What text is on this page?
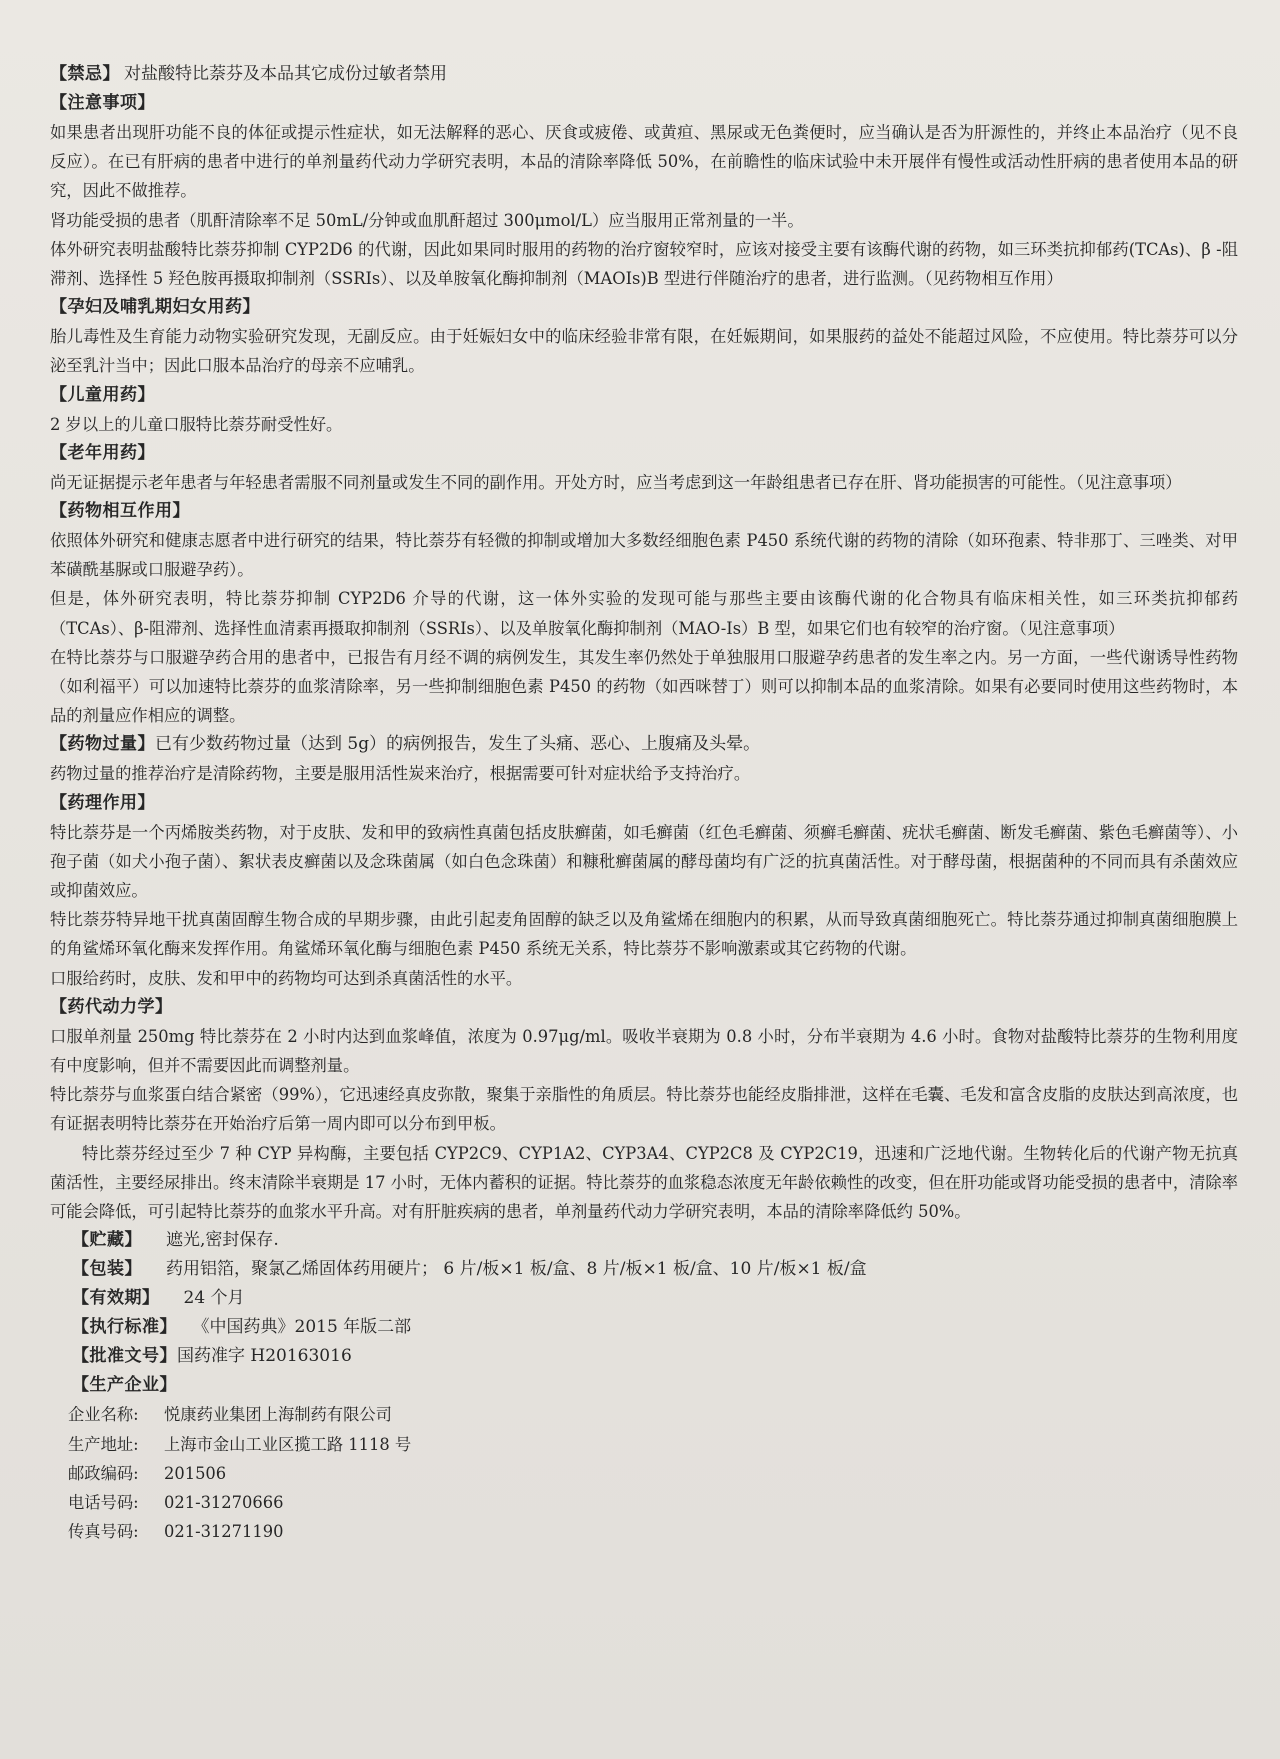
【禁忌】 对盐酸特比萘芬及本品其它成份过敏者禁用
【注意事项】

如果患者出现肝功能不良的体征或提示性症状，如无法解释的恶心、厌食或疲倦、或黄疸、黑尿或无色粪便时，应当确认是否为肝源性的，并终止本品治疗（见不良反应）。在已有肝病的患者中进行的单剂量药代动力学研究表明，本品的清除率降低 50%，在前瞻性的临床试验中未开展伴有慢性或活动性肝病的患者使用本品的研究，因此不做推荐。

肾功能受损的患者（肌酐清除率不足 50mL/分钟或血肌酐超过 300μmol/L）应当服用正常剂量的一半。

体外研究表明盐酸特比萘芬抑制 CYP2D6 的代谢，因此如果同时服用的药物的治疗窗较窄时，应该对接受主要有该酶代谢的药物，如三环类抗抑郁药(TCAs)、β -阻滞剂、选择性 5 羟色胺再摄取抑制剂（SSRIs）、以及单胺氧化酶抑制剂（MAOIs)B 型进行伴随治疗的患者，进行监测。（见药物相互作用）

【孕妇及哺乳期妇女用药】

胎儿毒性及生育能力动物实验研究发现，无副反应。由于妊娠妇女中的临床经验非常有限，在妊娠期间，如果服药的益处不能超过风险，不应使用。特比萘芬可以分泌至乳汁当中；因此口服本品治疗的母亲不应哺乳。

【儿童用药】

2 岁以上的儿童口服特比萘芬耐受性好。

【老年用药】

尚无证据提示老年患者与年轻患者需服不同剂量或发生不同的副作用。开处方时，应当考虑到这一年龄组患者已存在肝、肾功能损害的可能性。（见注意事项）

【药物相互作用】

依照体外研究和健康志愿者中进行研究的结果，特比萘芬有轻微的抑制或增加大多数经细胞色素 P450 系统代谢的药物的清除（如环孢素、特非那丁、三唑类、对甲苯磺酰基脲或口服避孕药）。

但是，体外研究表明，特比萘芬抑制 CYP2D6 介导的代谢，这一体外实验的发现可能与那些主要由该酶代谢的化合物具有临床相关性，如三环类抗抑郁药（TCAs）、β-阻滞剂、选择性血清素再摄取抑制剂（SSRIs）、以及单胺氧化酶抑制剂（MAO-Is）B 型，如果它们也有较窄的治疗窗。（见注意事项）

在特比萘芬与口服避孕药合用的患者中，已报告有月经不调的病例发生，其发生率仍然处于单独服用口服避孕药患者的发生率之内。另一方面，一些代谢诱导性药物（如利福平）可以加速特比萘芬的血浆清除率，另一些抑制细胞色素 P450 的药物（如西咪替丁）则可以抑制本品的血浆清除。如果有必要同时使用这些药物时，本品的剂量应作相应的调整。

【药物过量】已有少数药物过量（达到 5g）的病例报告，发生了头痛、恶心、上腹痛及头晕。

药物过量的推荐治疗是清除药物，主要是服用活性炭来治疗，根据需要可针对症状给予支持治疗。

【药理作用】

特比萘芬是一个丙烯胺类药物，对于皮肤、发和甲的致病性真菌包括皮肤癣菌，如毛癣菌（红色毛癣菌、须癣毛癣菌、疣状毛癣菌、断发毛癣菌、紫色毛癣菌等）、小孢子菌（如犬小孢子菌）、絮状表皮癣菌以及念珠菌属（如白色念珠菌）和糠秕癣菌属的酵母菌均有广泛的抗真菌活性。对于酵母菌，根据菌种的不同而具有杀菌效应或抑菌效应。

特比萘芬特异地干扰真菌固醇生物合成的早期步骤，由此引起麦角固醇的缺乏以及角鲨烯在细胞内的积累，从而导致真菌细胞死亡。特比萘芬通过抑制真菌细胞膜上的角鲨烯环氧化酶来发挥作用。角鲨烯环氧化酶与细胞色素 P450 系统无关系，特比萘芬不影响激素或其它药物的代谢。

口服给药时，皮肤、发和甲中的药物均可达到杀真菌活性的水平。

【药代动力学】

口服单剂量 250mg 特比萘芬在 2 小时内达到血浆峰值，浓度为 0.97μg/ml。吸收半衰期为 0.8 小时，分布半衰期为 4.6 小时。食物对盐酸特比萘芬的生物利用度有中度影响，但并不需要因此而调整剂量。

特比萘芬与血浆蛋白结合紧密（99%），它迅速经真皮弥散，聚集于亲脂性的角质层。特比萘芬也能经皮脂排泄，这样在毛囊、毛发和富含皮脂的皮肤达到高浓度，也有证据表明特比萘芬在开始治疗后第一周内即可以分布到甲板。

特比萘芬经过至少 7 种 CYP 异构酶，主要包括 CYP2C9、CYP1A2、CYP3A4、CYP2C8 及 CYP2C19，迅速和广泛地代谢。生物转化后的代谢产物无抗真菌活性，主要经尿排出。终末清除半衰期是 17 小时，无体内蓄积的证据。特比萘芬的血浆稳态浓度无年龄依赖性的改变，但在肝功能或肾功能受损的患者中，清除率可能会降低，可引起特比萘芬的血浆水平升高。对有肝脏疾病的患者，单剂量药代动力学研究表明，本品的清除率降低约 50%。

【贮藏】 遮光,密封保存.
【包装】 药用铝箔，聚氯乙烯固体药用硬片； 6 片/板×1 板/盒、8 片/板×1 板/盒、10 片/板×1 板/盒
【有效期】 24 个月
【执行标准】 《中国药典》2015 年版二部
【批准文号】国药准字 H20163016
【生产企业】

企业名称: 悦康药业集团上海制药有限公司

生产地址: 上海市金山工业区揽工路 1118 号

邮政编码: 201506

电话号码: 021-31270666

传真号码: 021-31271190
